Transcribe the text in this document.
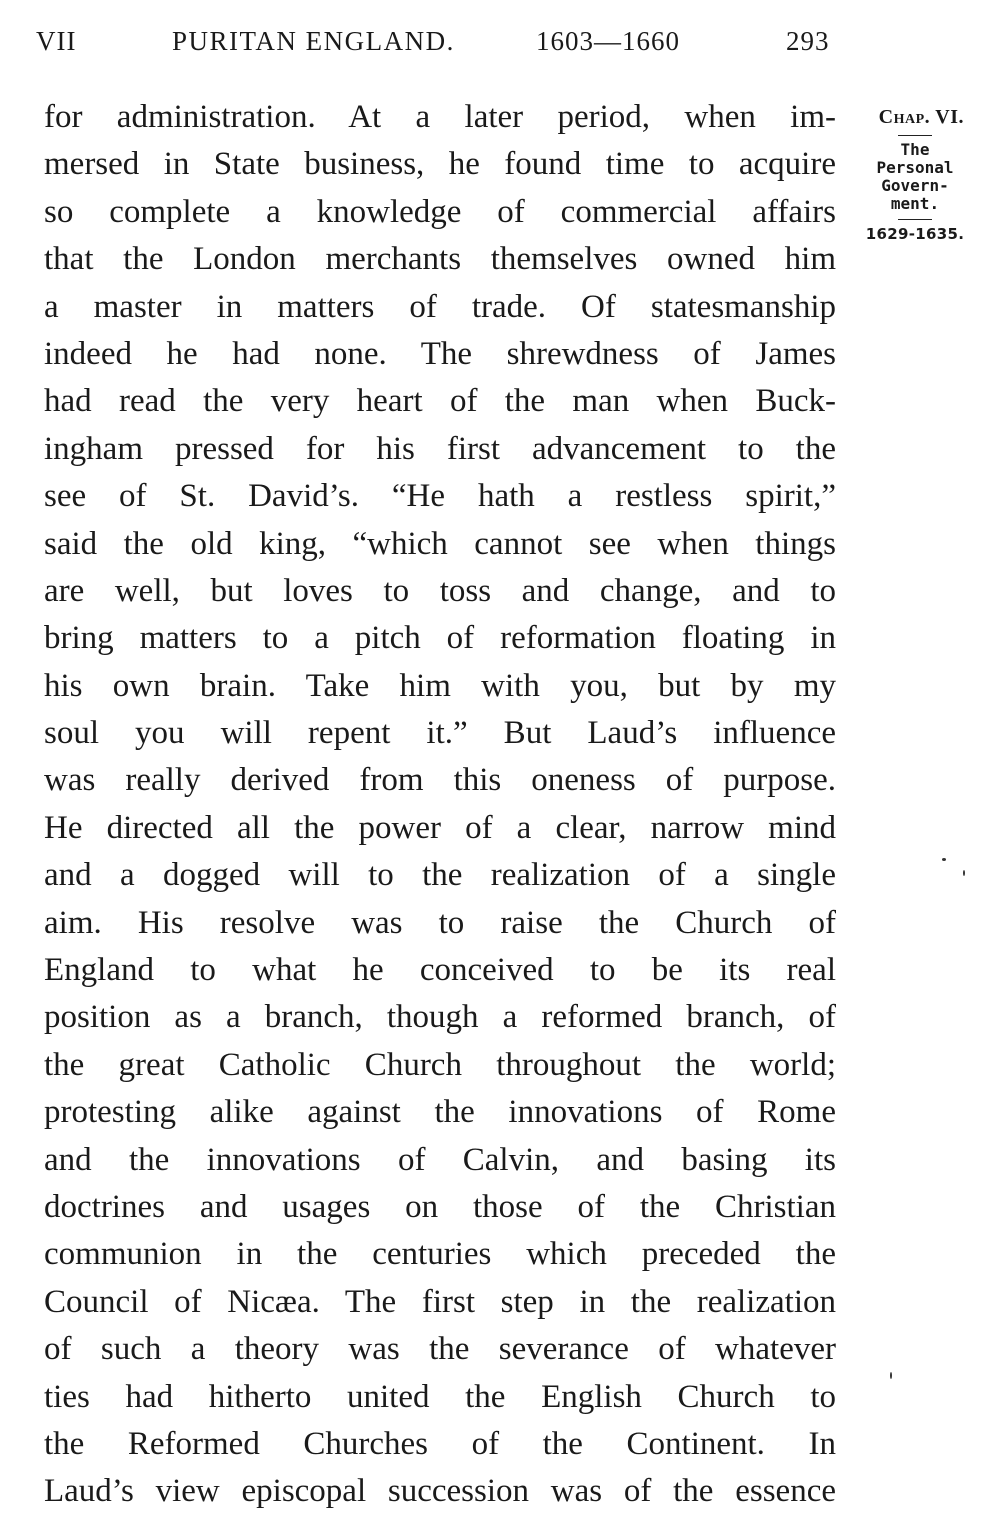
VII	PURITAN ENGLAND.	1603—1660	293
for administration. At a later period, when im-
mersed in State business, he found time to acquire
so complete a knowledge of commercial affairs
that the London merchants themselves owned him
a master in matters of trade. Of statesmanship
indeed he had none. The shrewdness of James
had read the very heart of the man when Buck-
ingham pressed for his first advancement to the
see of St. David’s. “He hath a restless spirit,”
said the old king, “which cannot see when things
are well, but loves to toss and change, and to
bring matters to a pitch of reformation floating in
his own brain. Take him with you, but by my
soul you will repent it.” But Laud’s influence
was really derived from this oneness of purpose.
He directed all the power of a clear, narrow mind
and a dogged will to the realization of a single
aim. His resolve was to raise the Church of
England to what he conceived to be its real
position as a branch, though a reformed branch, of
the great Catholic Church throughout the world;
protesting alike against the innovations of Rome
and the innovations of Calvin, and basing its
doctrines and usages on those of the Christian
communion in the centuries which preceded the
Council of Nicæa. The first step in the realization
of such a theory was the severance of whatever
ties had hitherto united the English Church to
the Reformed Churches of the Continent. In
Laud’s view episcopal succession was of the essence
Chap. VI.
The
Personal
Govern-
ment.
1629-1635.
